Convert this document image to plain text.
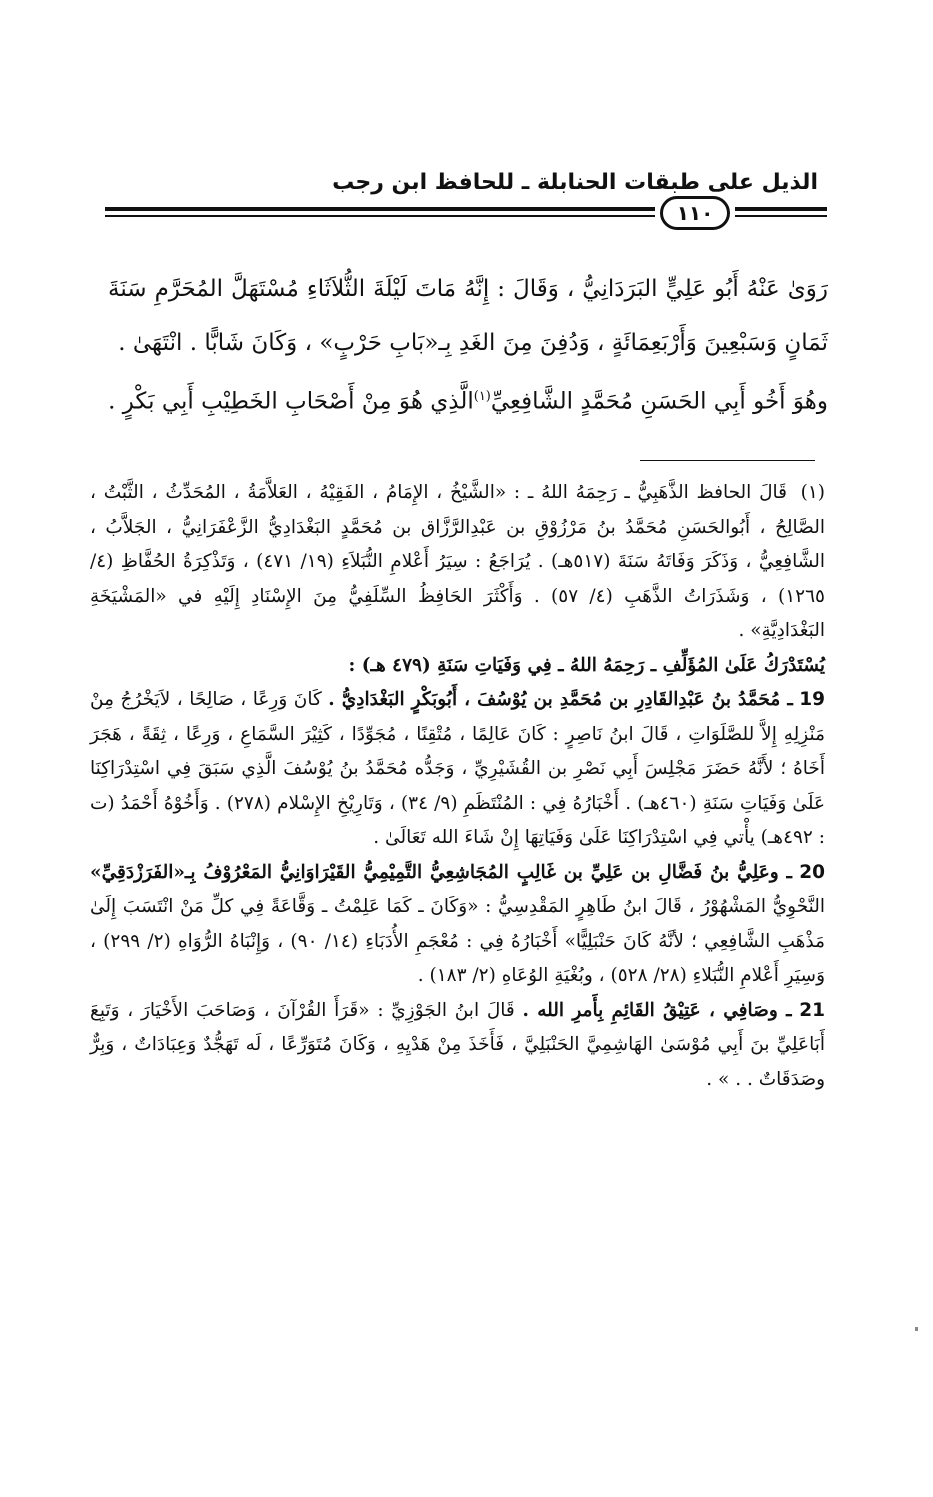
الذيل على طبقات الحنابلة ـ للحافظ ابن رجب
١١٠

رَوَىٰ عَنْهُ أَبُو عَلِيٍّ البَرَدَانِيُّ ، وَقَالَ : إِنَّهُ مَاتَ لَيْلَةَ الثُّلاَثَاءِ مُسْتَهَلَّ المُحَرَّمِ سَنَةَ ثَمَانٍ وَسَبْعِينَ وَأَرْبَعِمَائَةٍ ، وَدُفِنَ مِنَ الغَدِ بِـ«بَابِ حَرْبٍ» ، وَكَانَ شَابًّا . انْتَهَىٰ .

وهُوَ أَخُو أَبِي الحَسَنِ مُحَمَّدٍ الشَّافِعِيِّ$^{(١)}$الَّذِي هُوَ مِنْ أَصْحَابِ الخَطِيْبِ أَبِي بَكْرٍ .

(١)قَالَ الحافظ الذَّهَبِيُّ ـ رَحِمَهُ اللهُ ـ : «الشَّيْخُ ، الإِمَامُ ، الفَقِيْهُ ، العَلاَّمَةُ ، المُحَدِّثُ ، الثَّبْتُ ، الصَّالِحُ ، أَبُوالحَسَنِ مُحَمَّدُ بنُ مَرْزُوْقِ بن عَبْدِالرَّزَّاق بن مُحَمَّدٍ البَغْدَادِيُّ الزَّعْفَرَانِيُّ ، الجَلاَّبُ ، الشَّافِعِيُّ ، وَذَكَرَ وَفَاتَهُ سَنَةَ (٥١٧هـ) . يُرَاجَعُ : سِيَرُ أَعْلامِ النُّبَلاَءِ (١٩/ ٤٧١) ، وَتَذْكِرَةُ الحُفَّاظِ (٤/ ١٢٦٥) ، وَشَذَرَاتُ الذَّهَبِ (٤/ ٥٧) . وَأَكْثَرَ الحَافِظُ السِّلَفِيُّ مِنَ الإِسْنَادِ إِلَيْهِ في «المَشْيَخَةِ البَغْدَادِيَّةِ» .

يُسْتَدْرَكُ عَلَىٰ المُؤَلِّفِ ـ رَحِمَهُ اللهُ ـ فِي وَفَيَاتِ سَنَةِ (٤٧٩ هـ) :

19 ـ مُحَمَّدُ بنُ عَبْدِالقَادِرِ بن مُحَمَّدِ بن يُوْسُفَ ، أَبُوبَكْرٍ البَغْدَادِيُّ . كَانَ وَرِعًا ، صَالِحًا ، لاَيَخْرُجُ مِنْ مَنْزِلِهِ إِلاَّ للصَّلَوَاتِ ، قَالَ ابنُ نَاصِرٍ : كَانَ عَالِمًا ، مُتْقِنًا ، مُجَوِّدًا ، كَثِيْرَ السَّمَاعِ ، وَرِعًا ، ثِقَةً ، هَجَرَ أَخَاهُ ؛ لأَنَّهُ حَضَرَ مَجْلِسَ أَبِي نَصْرِ بن القُشَيْرِيِّ ، وَجَدُّه مُحَمَّدُ بنُ يُوْسُفَ الَّذِي سَبَقَ فِي اسْتِدْرَاكِنَا عَلَىٰ وَفَيَاتِ سَنَةِ (٤٦٠هـ) . أَخْبَارُهُ فِي : المُنْتَظَمِ (٩/ ٣٤) ، وَتَارِيْخِ الإِسْلام (٢٧٨) . وَأَخُوْهُ أَحْمَدُ (ت : ٤٩٢هـ) يأْتي فِي اسْتِدْرَاكِنَا عَلَىٰ وَفَيَاتِهَا إِنْ شَاءَ الله تَعَالَىٰ .

20 ـ وعَلِيُّ بنُ فَضَّالِ بن عَلِيِّ بن غَالِبٍ المُجَاشِعِيُّ التَّمِيْمِيُّ القَيْرَاوَانِيُّ المَعْرُوْفُ بِـ«الفَرَزْدَقِيِّ» النَّحْوِيُّ المَشْهُوْرُ ، قَالَ ابنُ طَاهِرٍ المَقْدِسِيُّ : «وَكَانَ ـ كَمَا عَلِمْتُ ـ وَقَّاعَةً فِي كلِّ مَنْ انْتَسَبَ إِلَىٰ مَذْهَبِ الشَّافِعِي ؛ لأنَّهُ كَانَ حَنْبَلِيًّا» أَخْبَارُهُ فِي : مُعْجَمِ الأُدَبَاءِ (١٤/ ٩٠) ، وَإِنْبَاهُ الرُّوَاهِ (٢/ ٢٩٩) ، وَسِيَرِ أَعْلامِ النُّبَلاءِ (٢٨/ ٥٢٨) ، وبُغْيَةِ الوُعَاهِ (٢/ ١٨٣) .

21 ـ وصَافِي ، عَتِيْقُ القَائِمِ بِأَمرِ الله . قَالَ ابنُ الجَوْزِيِّ : «قَرَأَ القُرْآنَ ، وَصَاحَبَ الأَخْيَارَ ، وَتَبِعَ أَبَاعَلِيِّ بنَ أَبِي مُوْسَىٰ الهَاشِمِيَّ الحَنْبَلِيَّ ، فَأَخَذَ مِنْ هَدْيِهِ ، وَكَانَ مُتَوَرِّعًا ، لَه تَهَجُّدٌ وَعِبَادَاتٌ ، وَبِرٌّ وصَدَقَاتٌ . . » .
